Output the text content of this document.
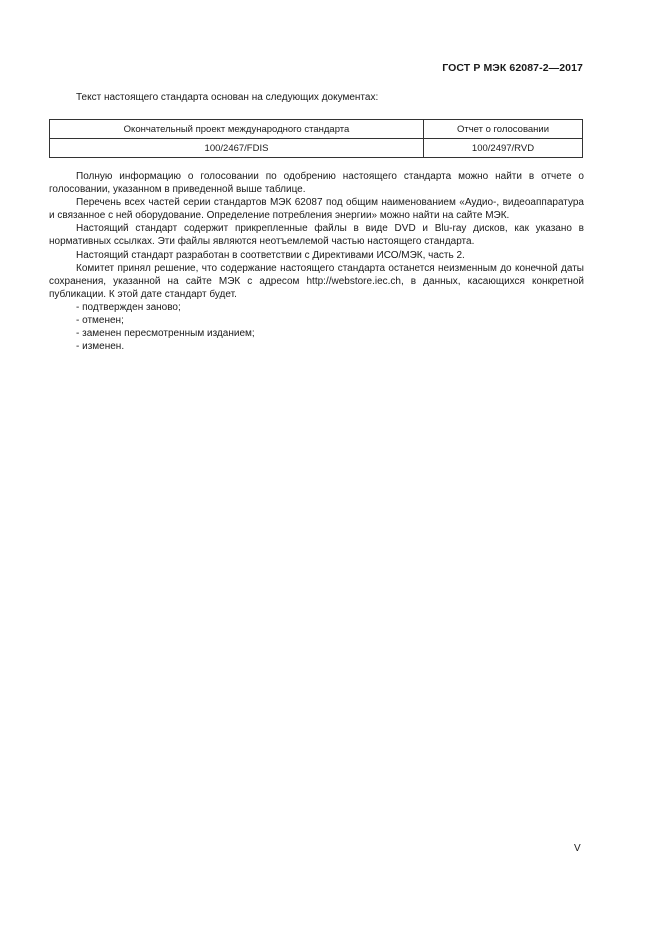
ГОСТ Р МЭК 62087-2—2017
Текст настоящего стандарта основан на следующих документах:
Окончательный проект международного стандарта	Отчет о голосовании
100/2467/FDIS	100/2497/RVD

Полную информацию о голосовании по одобрению настоящего стандарта можно найти в отчете о голосовании, указанном в приведенной выше таблице.

Перечень всех частей серии стандартов МЭК 62087 под общим наименованием «Аудио-, видеоаппаратура и связанное с ней оборудование. Определение потребления энергии» можно найти на сайте МЭК.

Настоящий стандарт содержит прикрепленные файлы в виде DVD и Blu-ray дисков, как указано в нормативных ссылках. Эти файлы являются неотъемлемой частью настоящего стандарта.

Настоящий стандарт разработан в соответствии с Директивами ИСО/МЭК, часть 2.

Комитет принял решение, что содержание настоящего стандарта останется неизменным до конечной даты сохранения, указанной на сайте МЭК с адресом http://webstore.iec.ch, в данных, касающихся конкретной публикации. К этой дате стандарт будет.

- подтвержден заново;
- отменен;
- заменен пересмотренным изданием;
- изменен.
V
